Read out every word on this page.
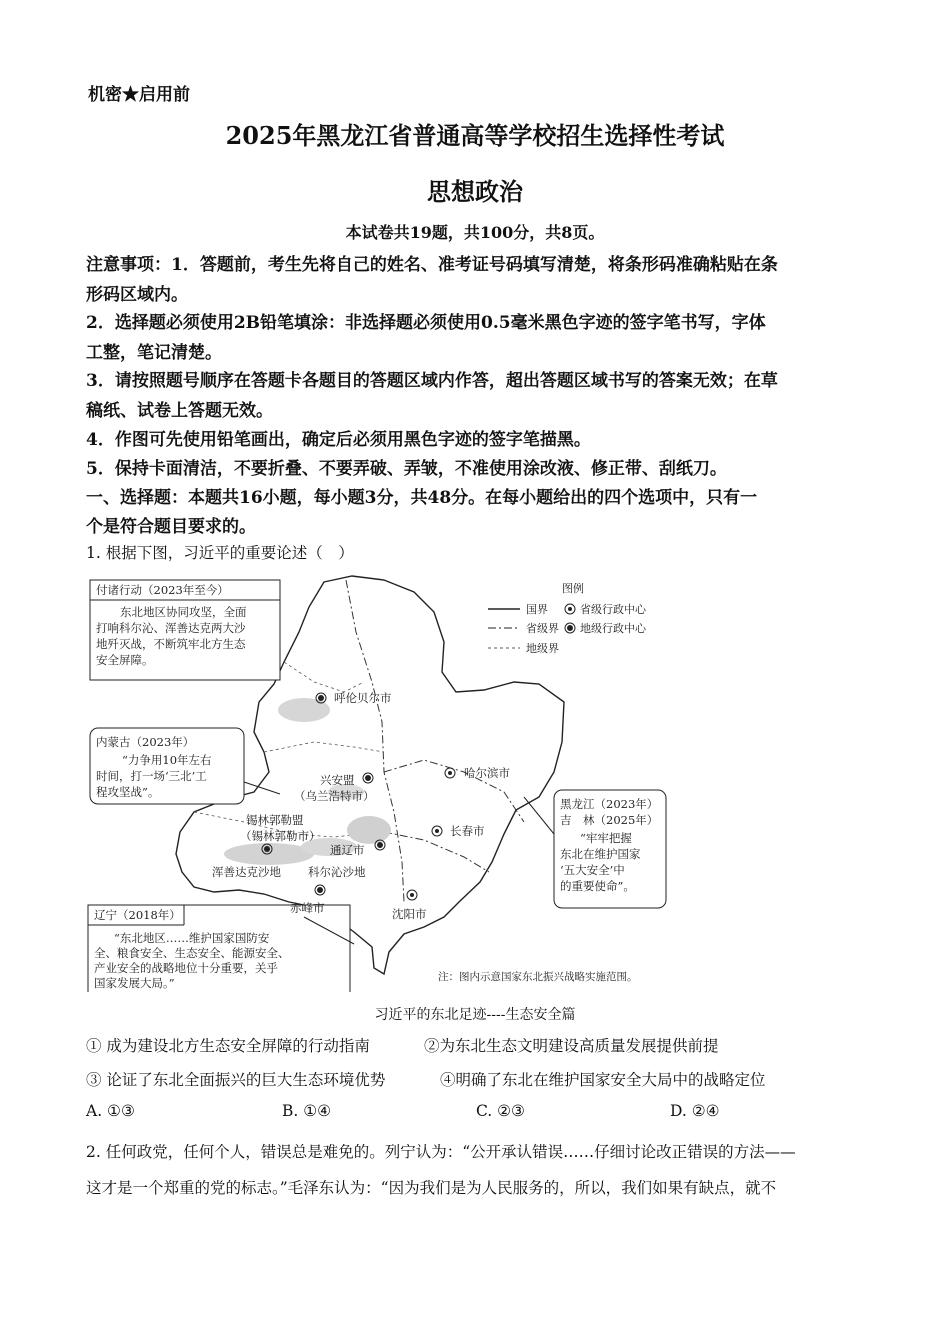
机密★启用前
2025年黑龙江省普通高等学校招生选择性考试
思想政治
本试卷共19题，共100分，共8页。
注意事项：1．答题前，考生先将自己的姓名、准考证号码填写清楚，将条形码准确粘贴在条
形码区域内。
2．选择题必须使用2B铅笔填涂：非选择题必须使用0.5毫米黑色字迹的签字笔书写，字体
工整，笔记清楚。
3．请按照题号顺序在答题卡各题目的答题区域内作答，超出答题区域书写的答案无效；在草
稿纸、试卷上答题无效。
4．作图可先使用铅笔画出，确定后必须用黑色字迹的签字笔描黑。
5．保持卡面清洁，不要折叠、不要弄破、弄皱，不准使用涂改液、修正带、刮纸刀。
一、选择题：本题共16小题，每小题3分，共48分。在每小题给出的四个选项中，只有一
个是符合题目要求的。
1. 根据下图，习近平的重要论述（　）
图例
国界
省级界
地级界
省级行政中心
地级行政中心
付诸行动（2023年至今）
东北地区协同攻坚，全面
打响科尔沁、浑善达克两大沙
地歼灭战，不断筑牢北方生态
安全屏障。
内蒙古（2023年）
“力争用10年左右
时间，打一场‘三北’工
程攻坚战”。
黑龙江（2023年）
吉　林（2025年）
“牢牢把握
东北在维护国家
‘五大安全’中
的重要使命”。
辽宁（2018年）
“东北地区……维护国家国防安
全、粮食安全、生态安全、能源安全、
产业安全的战略地位十分重要，关乎
国家发展大局。”
呼伦贝尔市
兴安盟
（乌兰浩特市）
哈尔滨市
锡林郭勒盟
（锡林郭勒市）	长春市
通辽市
浑善达克沙地 科尔沁沙地
赤峰市	沈阳市
注：图内示意国家东北振兴战略实施范围。
习近平的东北足迹----生态安全篇
① 成为建设北方生态安全屏障的行动指南	②为东北生态文明建设高质量发展提供前提
③ 论证了东北全面振兴的巨大生态环境优势	④明确了东北在维护国家安全大局中的战略定位
A. ①③	B. ①④	C. ②③	D. ②④
2. 任何政党，任何个人，错误总是难免的。列宁认为：“公开承认错误……仔细讨论改正错误的方法——
这才是一个郑重的党的标志。”毛泽东认为：“因为我们是为人民服务的，所以，我们如果有缺点，就不
